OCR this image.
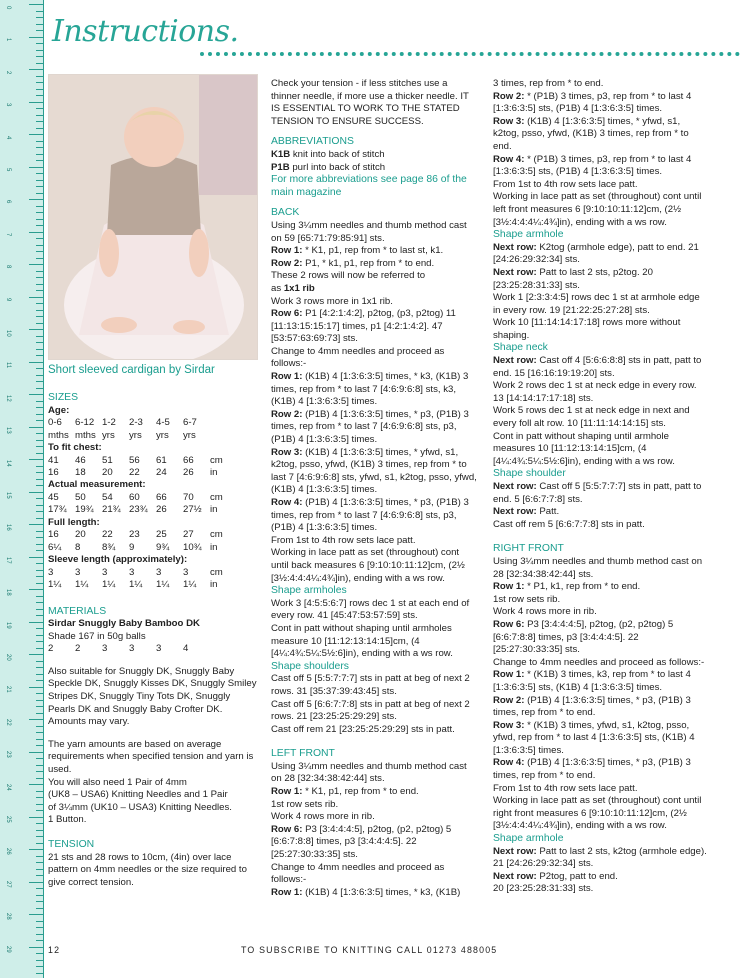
0
1
2
3
4
5
6
7
8
9
10
11
12
13
14
15
16
17
18
19
20
21
22
23
24
25
26
27
28
29
Instructions.
Short sleeved cardigan by Sirdar
SIZES
Age:
0-6	6-12	1-2	2-3	4-5	6-7
mths	mths	yrs	yrs	yrs	yrs
To fit chest:
41	46	51	56	61	66	cm
16	18	20	22	24	26	in
Actual measurement:
45	50	54	60	66	70	cm
17¾	19¾	21¾	23¾	26	27½	in
Full length:
16	20	22	23	25	27	cm
6¼	8	8¾	9	9¾	10¾	in
Sleeve length (approximately):
3	3	3	3	3	3	cm
1¼	1¼	1¼	1¼	1¼	1¼	in
MATERIALS
Sirdar Snuggly Baby Bamboo DK
Shade 167 in 50g balls
2	2	3	3	3	4

Also suitable for Snuggly DK, Snuggly Baby Speckle DK, Snuggly Kisses DK, Snuggly Smiley Stripes DK, Snuggly Tiny Tots DK, Snuggly Pearls DK and Snuggly Baby Crofter DK.

Amounts may vary.

The yarn amounts are based on average requirements when specified tension and yarn is used.

You will also need 1 Pair of 4mm

(UK8 – USA6) Knitting Needles and 1 Pair

of 3¼mm (UK10 – USA3) Knitting Needles.

1 Button.

TENSION

21 sts and 28 rows to 10cm, (4in) over lace pattern on 4mm needles or the size required to give correct tension.

Check your tension - if less stitches use a thinner needle, if more use a thicker needle. IT IS ESSENTIAL TO WORK TO THE STATED TENSION TO ENSURE SUCCESS.

ABBREVIATIONS

K1B knit into back of stitch

P1B purl into back of stitch

For more abbreviations see page 86 of the main magazine

BACK

Using 3¼mm needles and thumb method cast on 59 [65:71:79:85:91] sts.

Row 1: * K1, p1, rep from * to last st, k1.

Row 2: P1, * k1, p1, rep from * to end.

These 2 rows will now be referred to

as 1x1 rib

Work 3 rows more in 1x1 rib.

Row 6: P1 [4:2:1:4:2], p2tog, (p3, p2tog) 11 [11:13:15:15:17] times, p1 [4:2:1:4:2]. 47 [53:57:63:69:73] sts.

Change to 4mm needles and proceed as follows:-

Row 1: (K1B) 4 [1:3:6:3:5] times, * k3, (K1B) 3 times, rep from * to last 7 [4:6:9:6:8] sts, k3, (K1B) 4 [1:3:6:3:5] times.

Row 2: (P1B) 4 [1:3:6:3:5] times, * p3, (P1B) 3 times, rep from * to last 7 [4:6:9:6:8] sts, p3, (P1B) 4 [1:3:6:3:5] times.

Row 3: (K1B) 4 [1:3:6:3:5] times, * yfwd, s1, k2tog, psso, yfwd, (K1B) 3 times, rep from * to last 7 [4:6:9:6:8] sts, yfwd, s1, k2tog, psso, yfwd, (K1B) 4 [1:3:6:3:5] times.

Row 4: (P1B) 4 [1:3:6:3:5] times, * p3, (P1B) 3 times, rep from * to last 7 [4:6:9:6:8] sts, p3, (P1B) 4 [1:3:6:3:5] times.

From 1st to 4th row sets lace patt.

Working in lace patt as set (throughout) cont until back measures 6 [9:10:10:11:12]cm, (2½ [3½:4:4:4¼:4¾]in), ending with a ws row.

Shape armholes

Work 3 [4:5:5:6:7] rows dec 1 st at each end of every row. 41 [45:47:53:57:59] sts.

Cont in patt without shaping until armholes measure 10 [11:12:13:14:15]cm, (4 [4¼:4¾:5¼:5½:6]in), ending with a ws row.

Shape shoulders

Cast off 5 [5:5:7:7:7] sts in patt at beg of next 2 rows. 31 [35:37:39:43:45] sts.

Cast off 5 [6:6:7:7:8] sts in patt at beg of next 2 rows. 21 [23:25:25:29:29] sts.

Cast off rem 21 [23:25:25:29:29] sts in patt.

LEFT FRONT

Using 3¼mm needles and thumb method cast on 28 [32:34:38:42:44] sts.

Row 1: * K1, p1, rep from * to end.

1st row sets rib.

Work 4 rows more in rib.

Row 6: P3 [3:4:4:4:5], p2tog, (p2, p2tog) 5 [6:6:7:8:8] times, p3 [3:4:4:4:5]. 22 [25:27:30:33:35] sts.

Change to 4mm needles and proceed as follows:-

Row 1: (K1B) 4 [1:3:6:3:5] times, * k3, (K1B)

3 times, rep from * to end.

Row 2: * (P1B) 3 times, p3, rep from * to last 4 [1:3:6:3:5] sts, (P1B) 4 [1:3:6:3:5] times.

Row 3: (K1B) 4 [1:3:6:3:5] times, * yfwd, s1, k2tog, psso, yfwd, (K1B) 3 times, rep from * to end.

Row 4: * (P1B) 3 times, p3, rep from * to last 4 [1:3:6:3:5] sts, (P1B) 4 [1:3:6:3:5] times.

From 1st to 4th row sets lace patt.

Working in lace patt as set (throughout) cont until left front measures 6 [9:10:10:11:12]cm, (2½ [3½:4:4:4¼:4¾]in), ending with a ws row.

Shape armhole

Next row: K2tog (armhole edge), patt to end. 21 [24:26:29:32:34] sts.

Next row: Patt to last 2 sts, p2tog. 20 [23:25:28:31:33] sts.

Work 1 [2:3:3:4:5] rows dec 1 st at armhole edge in every row. 19 [21:22:25:27:28] sts.

Work 10 [11:14:14:17:18] rows more without shaping.

Shape neck

Next row: Cast off 4 [5:6:6:8:8] sts in patt, patt to end. 15 [16:16:19:19:20] sts.

Work 2 rows dec 1 st at neck edge in every row. 13 [14:14:17:17:18] sts.

Work 5 rows dec 1 st at neck edge in next and every foll alt row. 10 [11:11:14:14:15] sts.

Cont in patt without shaping until armhole measures 10 [11:12:13:14:15]cm, (4 [4¼:4¾:5¼:5½:6]in), ending with a ws row.

Shape shoulder

Next row: Cast off 5 [5:5:7:7:7] sts in patt, patt to end. 5 [6:6:7:7:8] sts.

Next row: Patt.

Cast off rem 5 [6:6:7:7:8] sts in patt.

RIGHT FRONT

Using 3¼mm needles and thumb method cast on 28 [32:34:38:42:44] sts.

Row 1: * P1, k1, rep from * to end.

1st row sets rib.

Work 4 rows more in rib.

Row 6: P3 [3:4:4:4:5], p2tog, (p2, p2tog) 5 [6:6:7:8:8] times, p3 [3:4:4:4:5]. 22 [25:27:30:33:35] sts.

Change to 4mm needles and proceed as follows:-

Row 1: * (K1B) 3 times, k3, rep from * to last 4 [1:3:6:3:5] sts, (K1B) 4 [1:3:6:3:5] times.

Row 2: (P1B) 4 [1:3:6:3:5] times, * p3, (P1B) 3 times, rep from * to end.

Row 3: * (K1B) 3 times, yfwd, s1, k2tog, psso, yfwd, rep from * to last 4 [1:3:6:3:5] sts, (K1B) 4 [1:3:6:3:5] times.

Row 4: (P1B) 4 [1:3:6:3:5] times, * p3, (P1B) 3 times, rep from * to end.

From 1st to 4th row sets lace patt.

Working in lace patt as set (throughout) cont until right front measures 6 [9:10:10:11:12]cm, (2½ [3½:4:4:4¼:4¾]in), ending with a ws row.

Shape armhole

Next row: Patt to last 2 sts, k2tog (armhole edge). 21 [24:26:29:32:34] sts.

Next row: P2tog, patt to end.

20 [23:25:28:31:33] sts.

12	TO SUBSCRIBE TO KNITTING CALL 01273 488005
